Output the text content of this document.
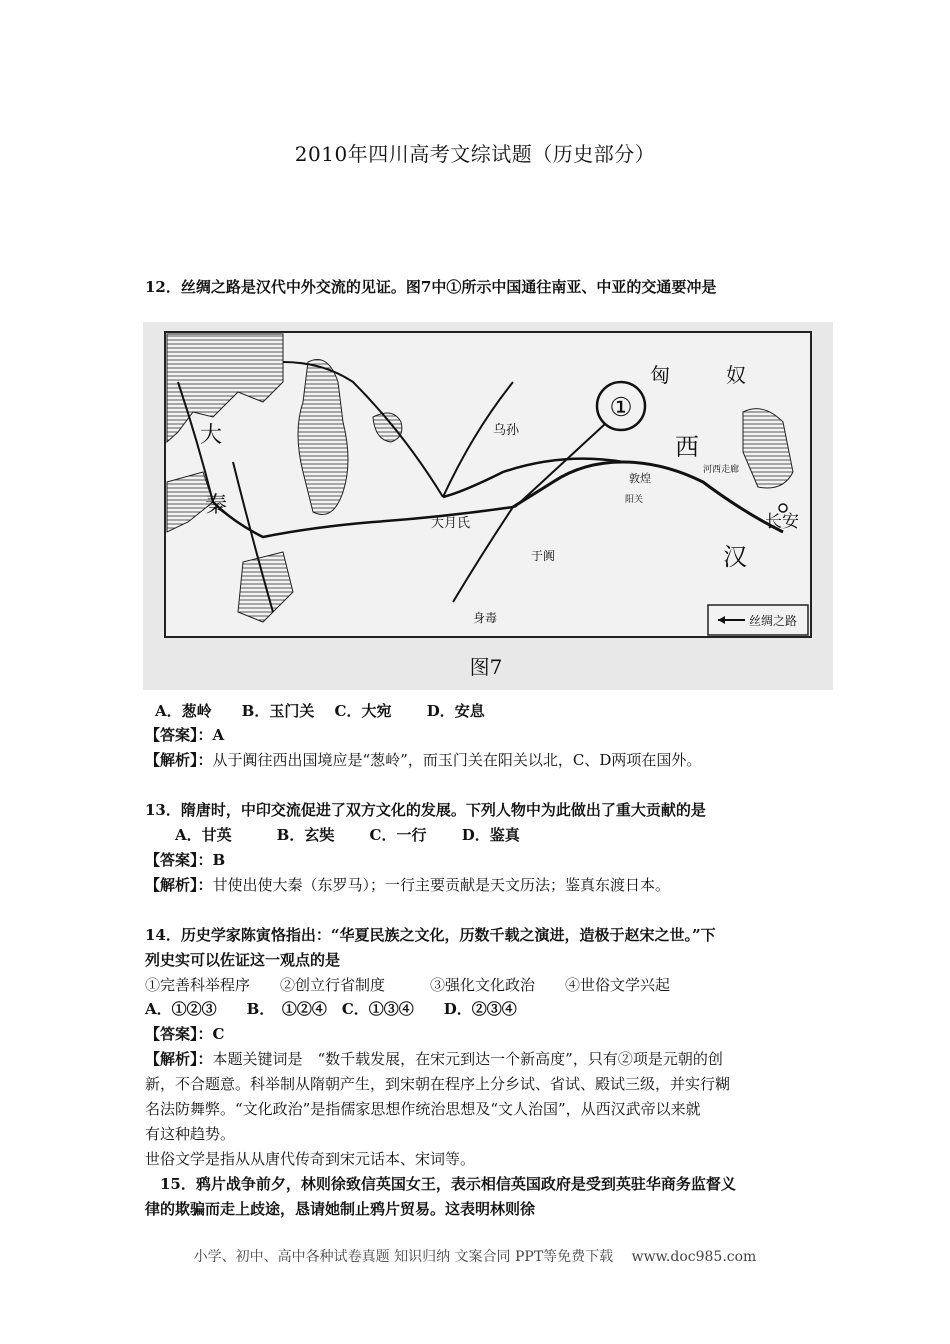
2010年四川高考文综试题（历史部分）
12．丝绸之路是汉代中外交流的见证。图7中①所示中国通往南亚、中亚的交通要冲是
①
匈	奴
西
汉
长安
大
秦
大月氏
乌孙
于阗
敦煌
阳关
河西走廊
身毒	丝绸之路
图7
A．葱岭　　B．玉门关　 C．大宛　　 D．安息
【答案】：A
【解析】：从于阗往西出国境应是“葱岭”，而玉门关在阳关以北，C、D两项在国外。
13．隋唐时，中印交流促进了双方文化的发展。下列人物中为此做出了重大贡献的是
A．甘英　　　B．玄奘　　 C．一行　　 D．鉴真
【答案】：B
【解析】：甘使出使大秦（东罗马）；一行主要贡献是天文历法；鉴真东渡日本。
14．历史学家陈寅恪指出：“华夏民族之文化，历数千载之演进，造极于赵宋之世。”下
列史实可以佐证这一观点的是
①完善科举程序　　②创立行省制度　　　③强化文化政治　　④世俗文学兴起
A．①②③　　B．　①②④　C．①③④　　D．②③④
【答案】：C
【解析】：本题关键词是　“数千载发展，在宋元到达一个新高度”，只有②项是元朝的创
新，不合题意。科举制从隋朝产生，到宋朝在程序上分乡试、省试、殿试三级，并实行糊
名法防舞弊。“文化政治”是指儒家思想作统治思想及“文人治国”，从西汉武帝以来就
有这种趋势。
世俗文学是指从从唐代传奇到宋元话本、宋词等。
15．鸦片战争前夕，林则徐致信英国女王，表示相信英国政府是受到英驻华商务监督义
律的欺骗而走上歧途，恳请她制止鸦片贸易。这表明林则徐
小学、初中、高中各种试卷真题 知识归纳 文案合同 PPT等免费下载　 www.doc985.com
